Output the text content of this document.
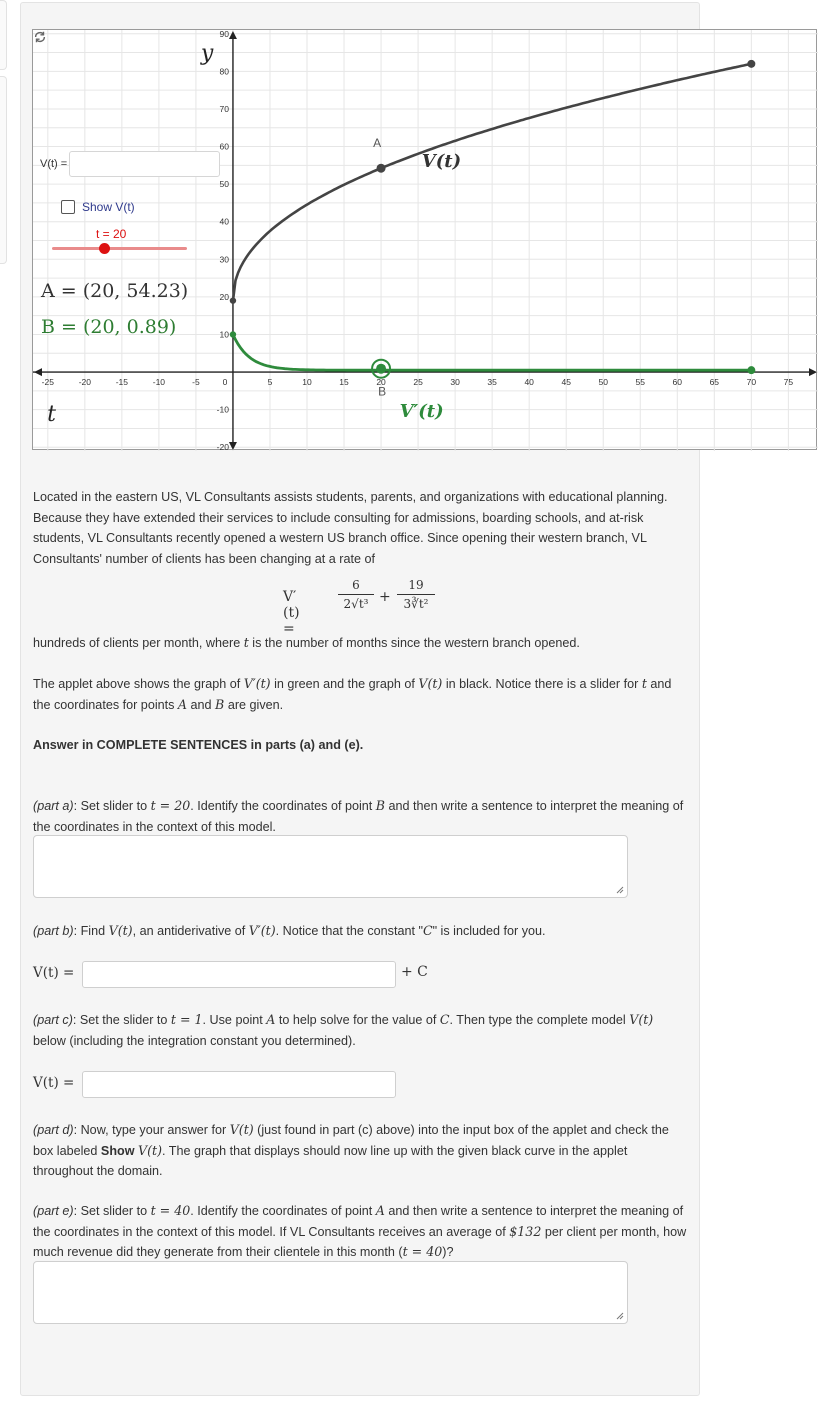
-25	-20	-15	-10	-5	0	5	10	15	20	25	30	35	40	45	50	55	60	65	70	75
90
80
70
60
50
40
30
20
10
-10
-20
y
t
A
B
V(t)
V′(t)
V(t) =
Show V(t)
t = 20
A = (20, 54.23)
B = (20, 0.89)
Located in the eastern US, VL Consultants assists students, parents, and organizations with educational planning. Because they have extended their services to include consulting for admissions, boarding schools, and at-risk students, VL Consultants recently opened a western US branch office. Since opening their western branch, VL Consultants' number of clients has been changing at a rate of
V′(t) =
$\frac{6}{\text{2√t³}} + \frac{19}{\text{3∛t²}}$
hundreds of clients per month, where t is the number of months since the western branch opened.
The applet above shows the graph of V′(t) in green and the graph of V(t) in black. Notice there is a slider for t and the coordinates for points A and B are given.
Answer in COMPLETE SENTENCES in parts (a) and (e).
(part a): Set slider to t = 20. Identify the coordinates of point B and then write a sentence to interpret the meaning of the coordinates in the context of this model.
(part b): Find V(t), an antiderivative of V′(t). Notice that the constant "C" is included for you.
V(t) =	+ C
(part c): Set the slider to t = 1. Use point A to help solve for the value of C. Then type the complete model V(t) below (including the integration constant you determined).
V(t) =
(part d): Now, type your answer for V(t) (just found in part (c) above) into the input box of the applet and check the box labeled Show V(t). The graph that displays should now line up with the given black curve in the applet throughout the domain.
(part e): Set slider to t = 40. Identify the coordinates of point A and then write a sentence to interpret the meaning of the coordinates in the context of this model. If VL Consultants receives an average of $132 per client per month, how much revenue did they generate from their clientele in this month (t = 40)?
